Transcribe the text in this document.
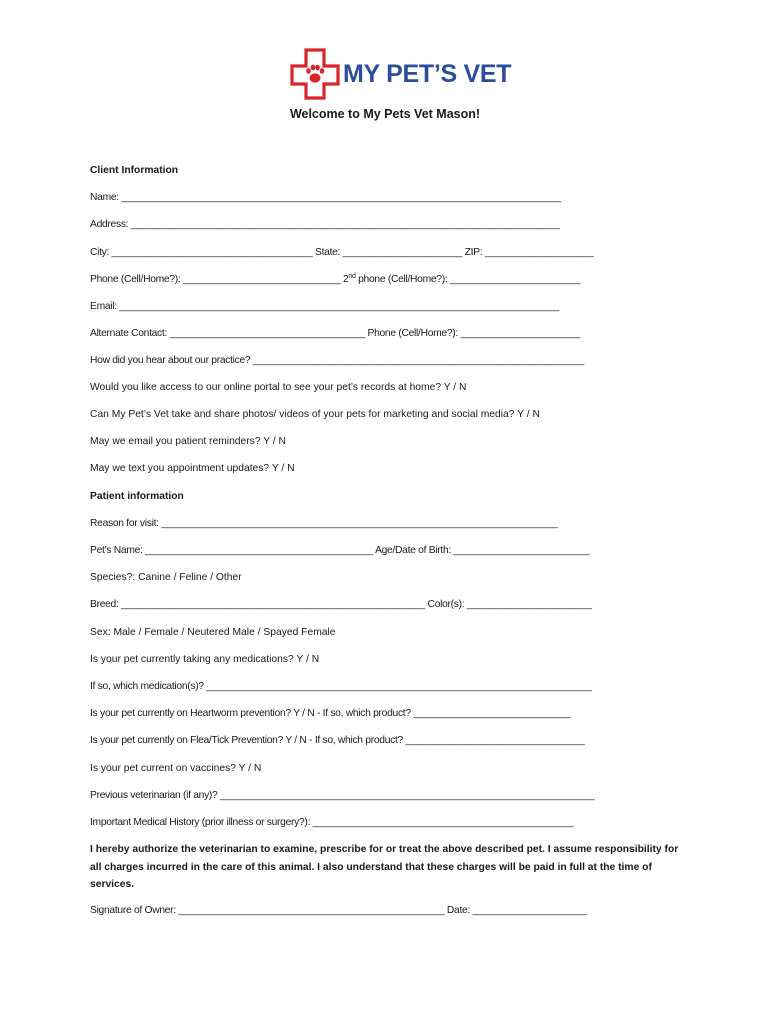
MY PET’S VET
Welcome to My Pets Vet Mason!
Client Information
Name: _________________________________________________________________________________
Address: _______________________________________________________________________________
City: _____________________________________ State: ______________________ ZIP: ____________________
Phone (Cell/Home?): _____________________________ 2nd phone (Cell/Home?): ________________________
Email: _________________________________________________________________________________
Alternate Contact: ____________________________________ Phone (Cell/Home?): ______________________
How did you hear about our practice? _____________________________________________________________
Would you like access to our online portal to see your pet’s records at home? Y / N
Can My Pet’s Vet take and share photos/ videos of your pets for marketing and social media? Y / N
May we email you patient reminders? Y / N
May we text you appointment updates? Y / N
Patient information
Reason for visit: _________________________________________________________________________
Pet’s Name: __________________________________________ Age/Date of Birth: _________________________
Species?: Canine / Feline / Other
Breed: ________________________________________________________ Color(s): _______________________
Sex: Male / Female / Neutered Male / Spayed Female
Is your pet currently taking any medications? Y / N
If so, which medication(s)? _______________________________________________________________________
Is your pet currently on Heartworm prevention? Y / N - If so, which product? _____________________________
Is your pet currently on Flea/Tick Prevention? Y / N - If so, which product? _________________________________
Is your pet current on vaccines? Y / N
Previous veterinarian (if any)? _____________________________________________________________________
Important Medical History (prior illness or surgery?): ________________________________________________
I hereby authorize the veterinarian to examine, prescribe for or treat the above described pet. I assume responsibility for all charges incurred in the care of this animal. I also understand that these charges will be paid in full at the time of services.
Signature of Owner: _________________________________________________ Date: _____________________
